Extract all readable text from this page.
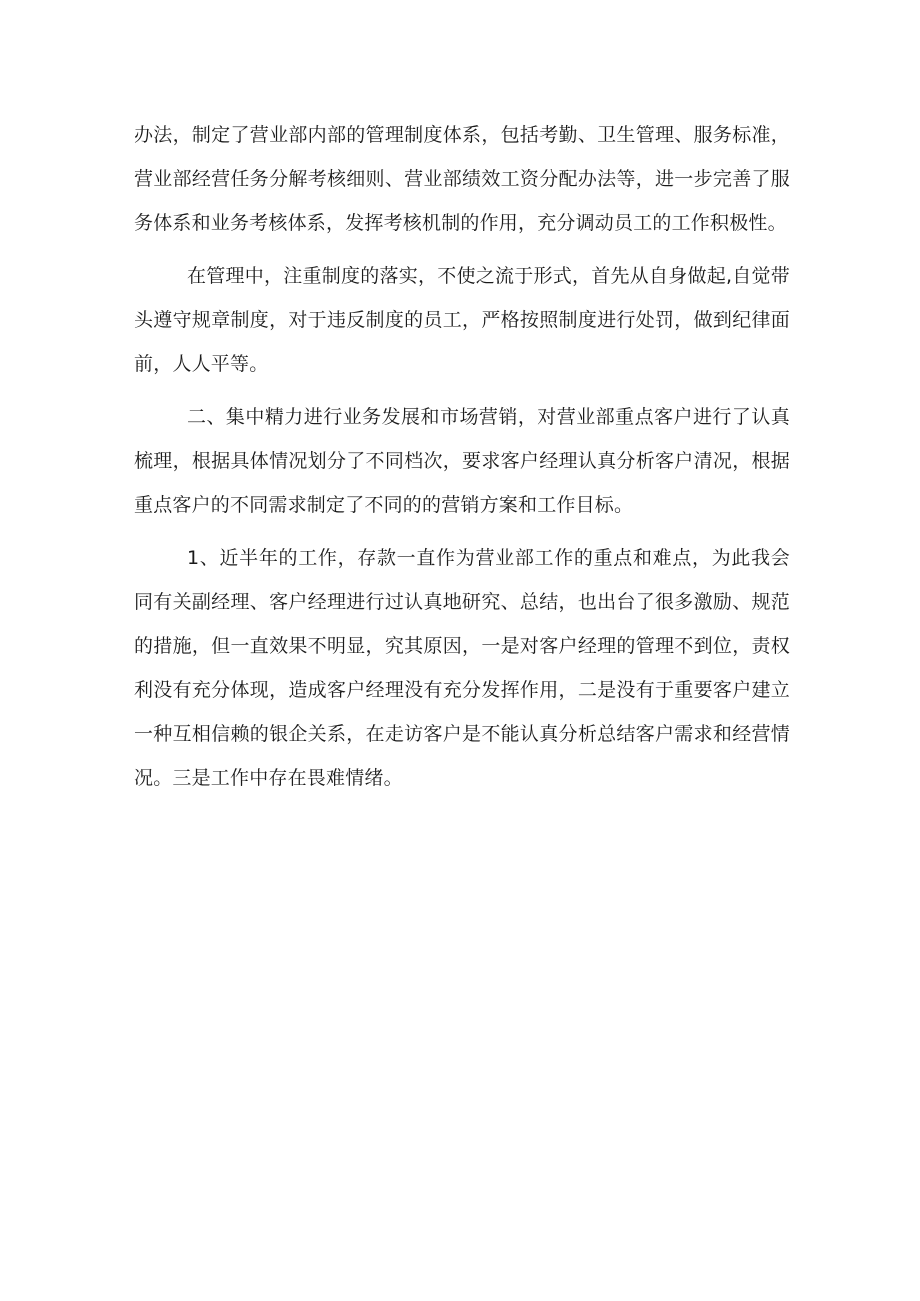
办法，制定了营业部内部的管理制度体系，包括考勤、卫生管理、服务标准，营业部经营任务分解考核细则、营业部绩效工资分配办法等，进一步完善了服务体系和业务考核体系，发挥考核机制的作用，充分调动员工的工作积极性。

在管理中，注重制度的落实，不使之流于形式，首先从自身做起,自觉带头遵守规章制度，对于违反制度的员工，严格按照制度进行处罚，做到纪律面前，人人平等。

二、集中精力进行业务发展和市场营销，对营业部重点客户进行了认真梳理，根据具体情况划分了不同档次，要求客户经理认真分析客户清况，根据重点客户的不同需求制定了不同的的营销方案和工作目标。

1、近半年的工作，存款一直作为营业部工作的重点和难点，为此我会同有关副经理、客户经理进行过认真地研究、总结，也出台了很多激励、规范的措施，但一直效果不明显，究其原因，一是对客户经理的管理不到位，责权利没有充分体现，造成客户经理没有充分发挥作用，二是没有于重要客户建立一种互相信赖的银企关系，在走访客户是不能认真分析总结客户需求和经营情况。三是工作中存在畏难情绪。
